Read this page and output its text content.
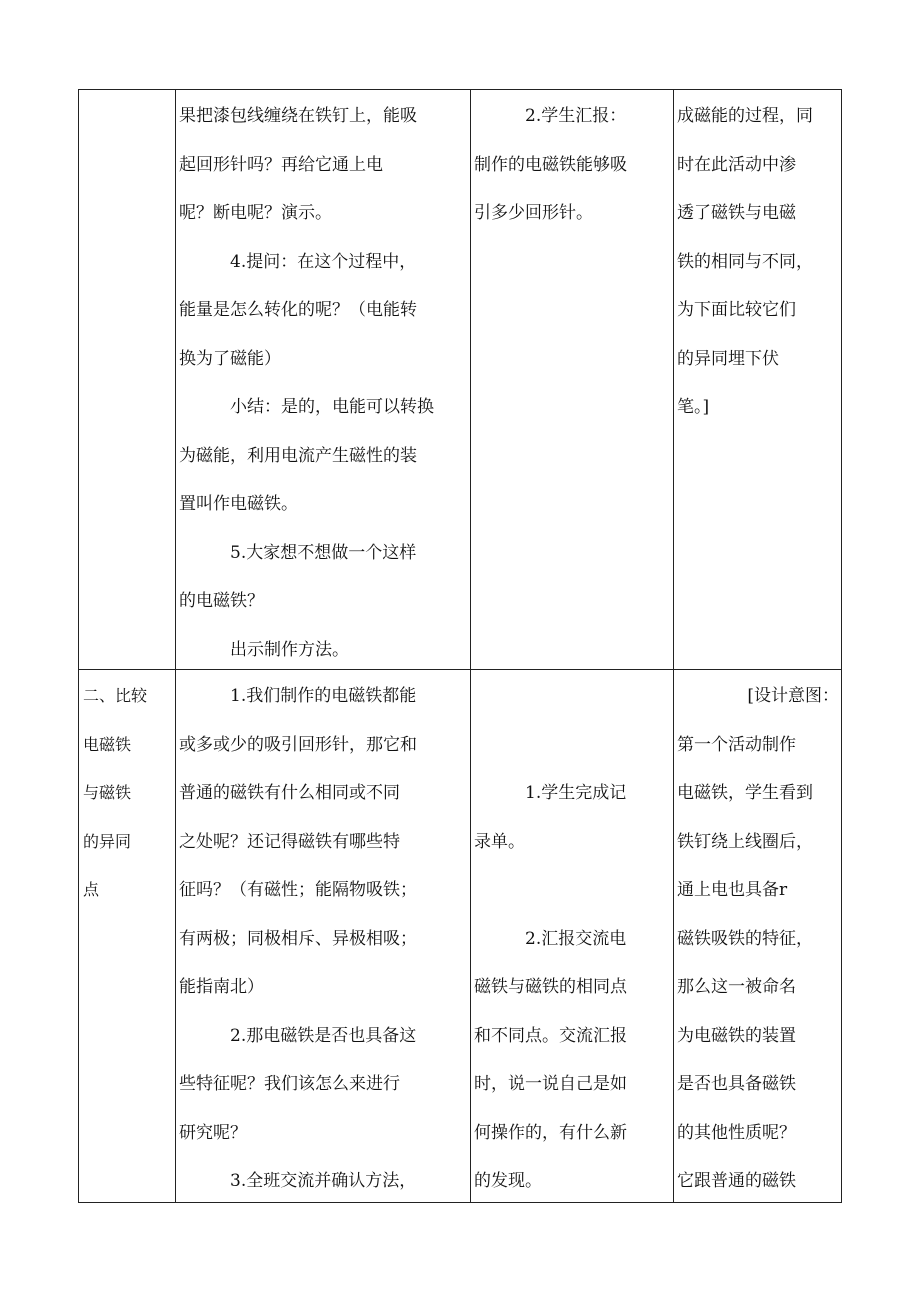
果把漆包线缠绕在铁钉上，能吸

起回形针吗？再给它通上电

呢？断电呢？演示。

4.提问：在这个过程中，

能量是怎么转化的呢？（电能转

换为了磁能）

小结：是的，电能可以转换

为磁能，利用电流产生磁性的装

置叫作电磁铁。

5.大家想不想做一个这样

的电磁铁？

出示制作方法。

2.学生汇报：

制作的电磁铁能够吸

引多少回形针。

成磁能的过程，同

时在此活动中渗

透了磁铁与电磁

铁的相同与不同，

为下面比较它们

的异同埋下伏

笔。]

二、比较

电磁铁

与磁铁

的异同

点

1.我们制作的电磁铁都能

或多或少的吸引回形针，那它和

普通的磁铁有什么相同或不同

之处呢？还记得磁铁有哪些特

征吗？（有磁性；能隔物吸铁；

有两极；同极相斥、异极相吸；

能指南北）

2.那电磁铁是否也具备这

些特征呢？我们该怎么来进行

研究呢？

3.全班交流并确认方法，

1.学生完成记

录单。

2.汇报交流电

磁铁与磁铁的相同点

和不同点。交流汇报

时，说一说自己是如

何操作的，有什么新

的发现。

[设计意图：

第一个活动制作

电磁铁，学生看到

铁钉绕上线圈后，

通上电也具备r

磁铁吸铁的特征，

那么这一被命名

为电磁铁的装置

是否也具备磁铁

的其他性质呢？

它跟普通的磁铁
